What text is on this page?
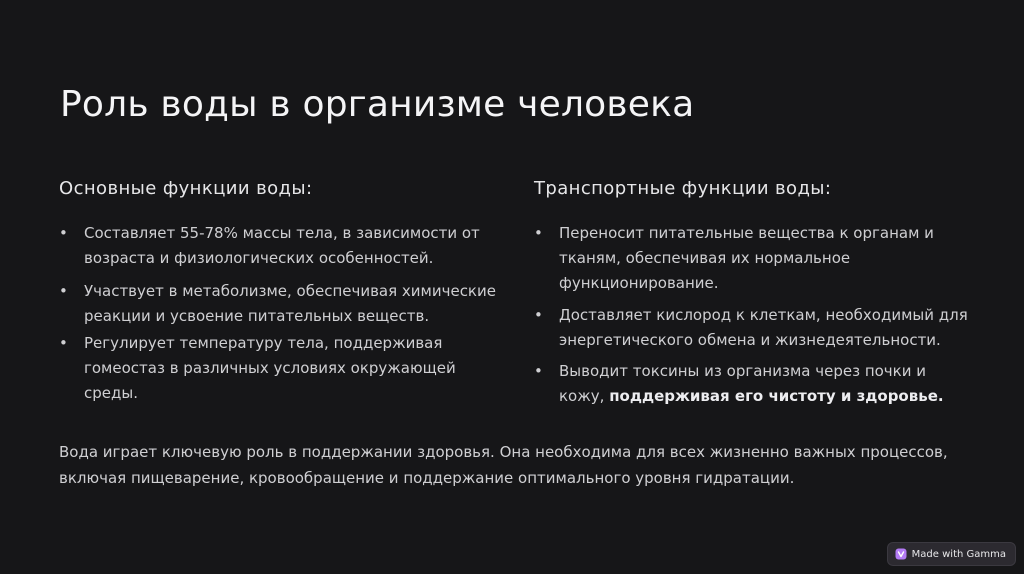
Роль воды в организме человека
Основные функции воды:
• Составляет 55-78% массы тела, в зависимости от возраста и физиологических особенностей.
• Участвует в метаболизме, обеспечивая химические реакции и усвоение питательных веществ.
• Регулирует температуру тела, поддерживая гомеостаз в различных условиях окружающей среды.
Транспортные функции воды:
• Переносит питательные вещества к органам и тканям, обеспечивая их нормальное функционирование.
• Доставляет кислород к клеткам, необходимый для энергетического обмена и жизнедеятельности.
• Выводит токсины из организма через почки и кожу, поддерживая его чистоту и здоровье.

Вода играет ключевую роль в поддержании здоровья. Она необходима для всех жизненно важных процессов, включая пищеварение, кровообращение и поддержание оптимального уровня гидратации.

Made with Gamma
